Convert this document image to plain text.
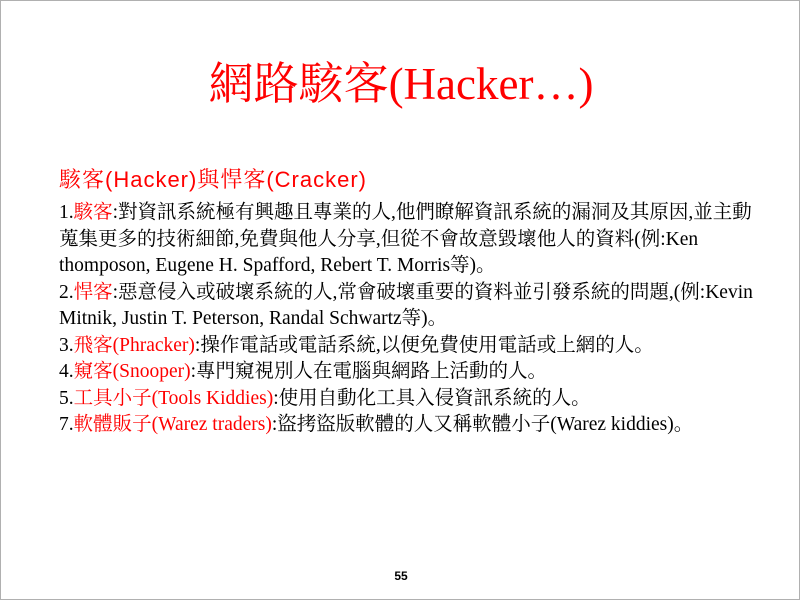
網路駭客(Hacker…)
駭客(Hacker)與悍客(Cracker)
1.駭客:對資訊系統極有興趣且專業的人,他們瞭解資訊系統的漏洞及其原因,並主動蒐集更多的技術細節,免費與他人分享,但從不會故意毀壞他人的資料(例:Ken thomposon, Eugene H. Spafford, Rebert T. Morris等)。
2.悍客:惡意侵入或破壞系統的人,常會破壞重要的資料並引發系統的問題,(例:Kevin Mitnik, Justin T. Peterson, Randal Schwartz等)。
3.飛客(Phracker):操作電話或電話系統,以便免費使用電話或上網的人。
4.窺客(Snooper):專門窺視別人在電腦與網路上活動的人。
5.工具小子(Tools Kiddies):使用自動化工具入侵資訊系統的人。
7.軟體販子(Warez traders):盜拷盜版軟體的人又稱軟體小子(Warez kiddies)。
55
